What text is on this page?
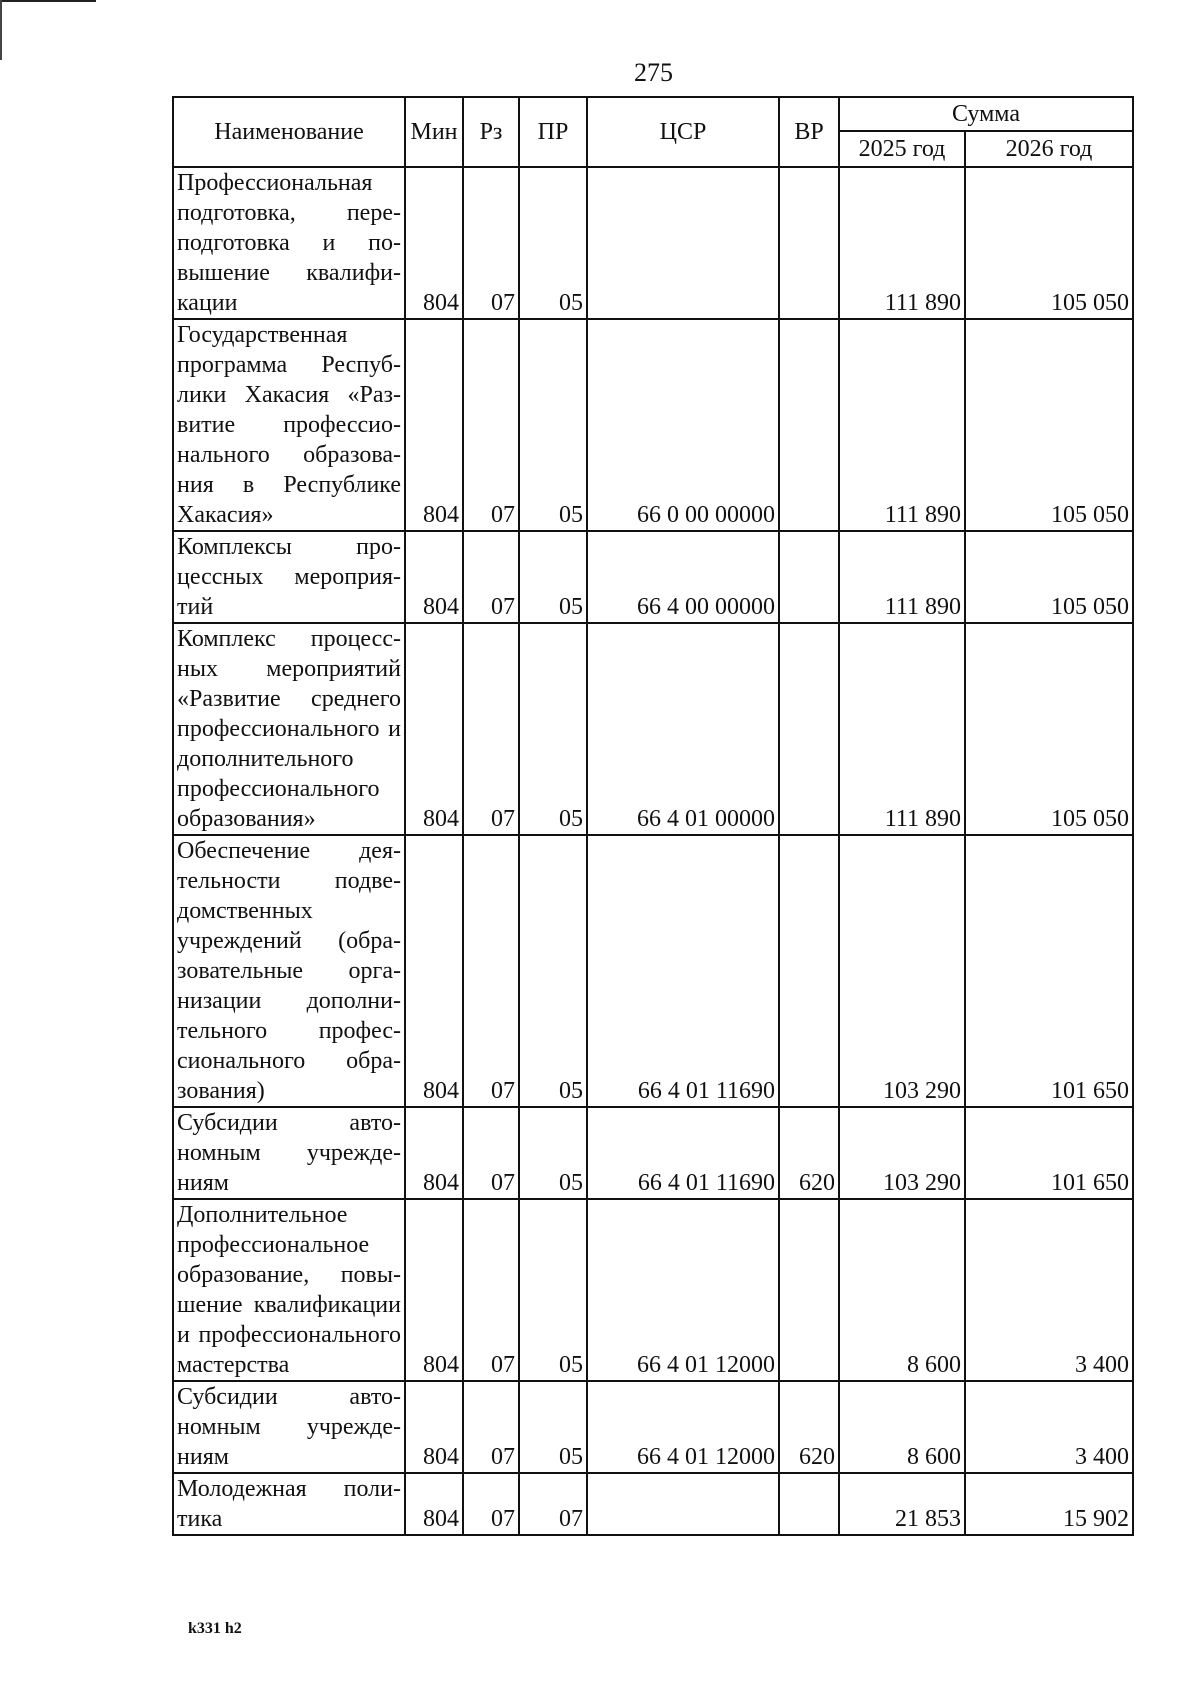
275
Наименование	Мин	Рз	ПР	ЦСР	ВР	Сумма	
						2025 год	2026 год
Профессиональная подготовка, переподготовка и повышение квалификации	804	07	05			111 890	105 050
Государственная программа Республики Хакасия «Развитие профессионального образования в Республике Хакасия»	804	07	05	66 0 00 00000		111 890	105 050
Комплексы процессных мероприятий	804	07	05	66 4 00 00000		111 890	105 050
Комплекс процессных мероприятий «Развитие среднего профессионального и дополнительного профессионального образования»	804	07	05	66 4 01 00000		111 890	105 050
Обеспечение деятельности подведомственных учреждений (образовательные организации дополнительного профессионального образования)	804	07	05	66 4 01 11690		103 290	101 650
Субсидии автономным учреждениям	804	07	05	66 4 01 11690	620	103 290	101 650
Дополнительное профессиональное образование, повышение квалификации и профессионального мастерства	804	07	05	66 4 01 12000		8 600	3 400
Субсидии автономным учреждениям	804	07	05	66 4 01 12000	620	8 600	3 400
Молодежная политика	804	07	07			21 853	15 902
k331 h2
